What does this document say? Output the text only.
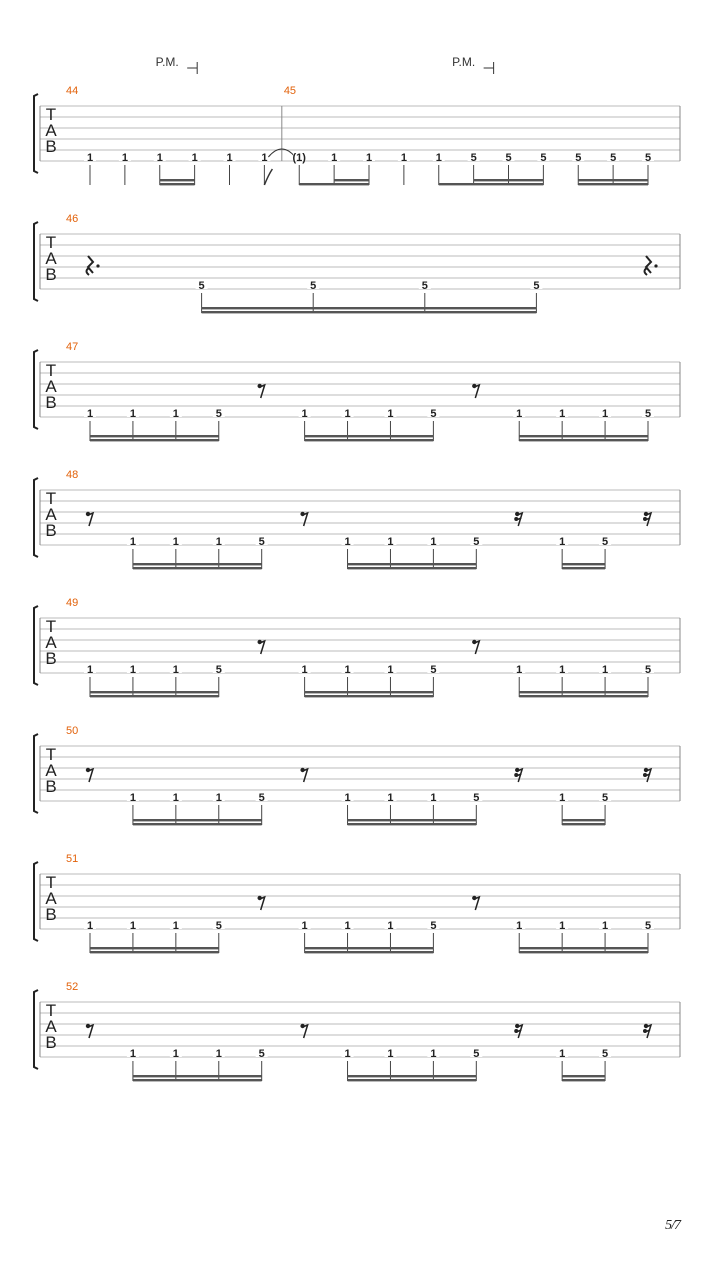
T
A
B
44
P.M.
45
P.M.
1	1	1	1	1	1 (1) 1	1	1	1	5	5	5	5	5	5
T
A
B
46
5	5	5	5
T
A
B
47
1	1	1	5	1	1	1	5	1	1	1	5
T
A
B
48
1	1	1	5	1	1	1	5	1	5
T
A
B
49
1	1	1	5	1	1	1	5	1	1	1	5
T
A
B
50
1	1	1	5	1	1	1	5	1	5
T
A
B
51
1	1	1	5	1	1	1	5	1	1	1	5
T
A
B
52
1	1	1	5	1	1	1	5	1	5
5/7
